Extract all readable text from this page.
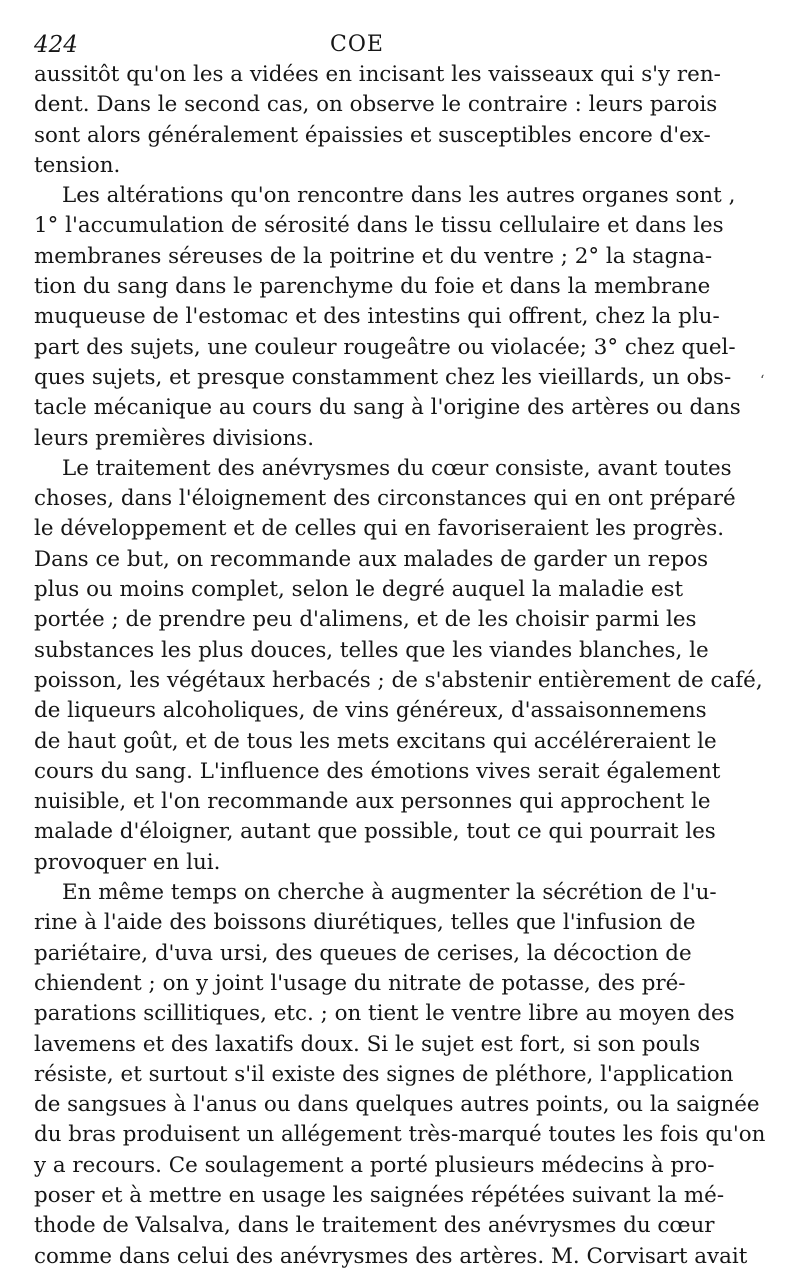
424	COE
aussitôt qu'on les a vidées en incisant les vaisseaux qui s'y ren-
dent. Dans le second cas, on observe le contraire : leurs parois
sont alors généralement épaissies et susceptibles encore d'ex-
tension.
Les altérations qu'on rencontre dans les autres organes sont ,
1° l'accumulation de sérosité dans le tissu cellulaire et dans les
membranes séreuses de la poitrine et du ventre ; 2° la stagna-
tion du sang dans le parenchyme du foie et dans la membrane
muqueuse de l'estomac et des intestins qui offrent, chez la plu-
part des sujets, une couleur rougeâtre ou violacée; 3° chez quel-
ques sujets, et presque constamment chez les vieillards, un obs-
tacle mécanique au cours du sang à l'origine des artères ou dans
leurs premières divisions.
Le traitement des anévrysmes du cœur consiste, avant toutes
choses, dans l'éloignement des circonstances qui en ont préparé
le développement et de celles qui en favoriseraient les progrès.
Dans ce but, on recommande aux malades de garder un repos
plus ou moins complet, selon le degré auquel la maladie est
portée ; de prendre peu d'alimens, et de les choisir parmi les
substances les plus douces, telles que les viandes blanches, le
poisson, les végétaux herbacés ; de s'abstenir entièrement de café,
de liqueurs alcoholiques, de vins généreux, d'assaisonnemens
de haut goût, et de tous les mets excitans qui accéléreraient le
cours du sang. L'influence des émotions vives serait également
nuisible, et l'on recommande aux personnes qui approchent le
malade d'éloigner, autant que possible, tout ce qui pourrait les
provoquer en lui.
En même temps on cherche à augmenter la sécrétion de l'u-
rine à l'aide des boissons diurétiques, telles que l'infusion de
pariétaire, d'uva ursi, des queues de cerises, la décoction de
chiendent ; on y joint l'usage du nitrate de potasse, des pré-
parations scillitiques, etc. ; on tient le ventre libre au moyen des
lavemens et des laxatifs doux. Si le sujet est fort, si son pouls
résiste, et surtout s'il existe des signes de pléthore, l'application
de sangsues à l'anus ou dans quelques autres points, ou la saignée
du bras produisent un allégement très-marqué toutes les fois qu'on
y a recours. Ce soulagement a porté plusieurs médecins à pro-
poser et à mettre en usage les saignées répétées suivant la mé-
thode de Valsalva, dans le traitement des anévrysmes du cœur
comme dans celui des anévrysmes des artères. M. Corvisart avait
‘
